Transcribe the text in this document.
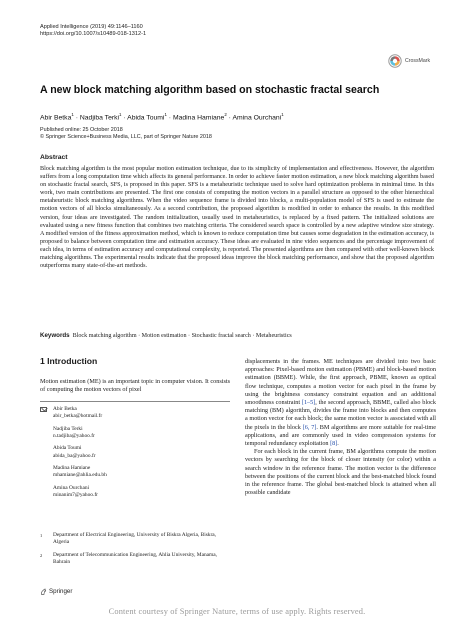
Applied Intelligence (2019) 49:1146–1160
https://doi.org/10.1007/s10489-018-1312-1
CrossMark
A new block matching algorithm based on stochastic fractal search
Abir Betka$^1$ · Nadjiba Terki$^1$ · Abida Toumi$^1$ · Madina Hamiane$^2$ · Amina Ourchani$^1$
Published online: 25 October 2018
© Springer Science+Business Media, LLC, part of Springer Nature 2018
Abstract
Block matching algorithm is the most popular motion estimation technique, due to its simplicity of implementation and effectiveness. However, the algorithm suffers from a long computation time which affects its general performance. In order to achieve faster motion estimation, a new block matching algorithm based on stochastic fractal search, SFS, is proposed in this paper. SFS is a metaheuristic technique used to solve hard optimization problems in minimal time. In this work, two main contributions are presented. The first one consists of computing the motion vectors in a parallel structure as opposed to the other hierarchical metaheuristic block matching algorithms. When the video sequence frame is divided into blocks, a multi-population model of SFS is used to estimate the motion vectors of all blocks simultaneously. As a second contribution, the proposed algorithm is modified in order to enhance the results. In this modified version, four ideas are investigated. The random initialization, usually used in metaheuristics, is replaced by a fixed pattern. The initialized solutions are evaluated using a new fitness function that combines two matching criteria. The considered search space is controlled by a new adaptive window size strategy. A modified version of the fitness approximation method, which is known to reduce computation time but causes some degradation in the estimation accuracy, is proposed to balance between computation time and estimation accuracy. These ideas are evaluated in nine video sequences and the percentage improvement of each idea, in terms of estimation accuracy and computational complexity, is reported. The presented algorithms are then compared with other well-known block matching algorithms. The experimental results indicate that the proposed ideas improve the block matching performance, and show that the proposed algorithm outperforms many state-of-the-art methods.
Keywords Block matching algorithm · Motion estimation · Stochastic fractal search · Metaheuristics
1 Introduction
Motion estimation (ME) is an important topic in computer vision. It consists of computing the motion vectors of pixel
Abir Betka
abir_betka@hotmail.fr
Nadjiba Terki
n.tadjiba@yahoo.fr
Abida Toumi
abida_ba@yahoo.fr
Madina Hamiane
mhamiane@ahlia.edu.bh
Amina Ourchani
minanim7@yahoo.fr
1	Department of Electrical Engineering, University of Biskra Algeria, Biskra, Algeria
2	Department of Telecommunication Engineering, Ahlia University, Manama, Bahrain

displacements in the frames. ME techniques are divided into two basic approaches: Pixel-based motion estimation (PBME) and block-based motion estimation (BBME). While, the first approach, PBME, known as optical flow technique, computes a motion vector for each pixel in the frame by using the brightness constancy constraint equation and an additional smoothness constraint [1–5], the second approach, BBME, called also block matching (BM) algorithm, divides the frame into blocks and then computes a motion vector for each block; the same motion vector is associated with all the pixels in the block [6, 7]. BM algorithms are more suitable for real-time applications, and are commonly used in video compression systems for temporal redundancy exploitation [8].

For each block in the current frame, BM algorithms compute the motion vectors by searching for the block of closer intensity (or color) within a search window in the reference frame. The motion vector is the difference between the positions of the current block and the best-matched block found in the reference frame. The global best-matched block is attained when all possible candidate

Springer
Content courtesy of Springer Nature, terms of use apply. Rights reserved.
